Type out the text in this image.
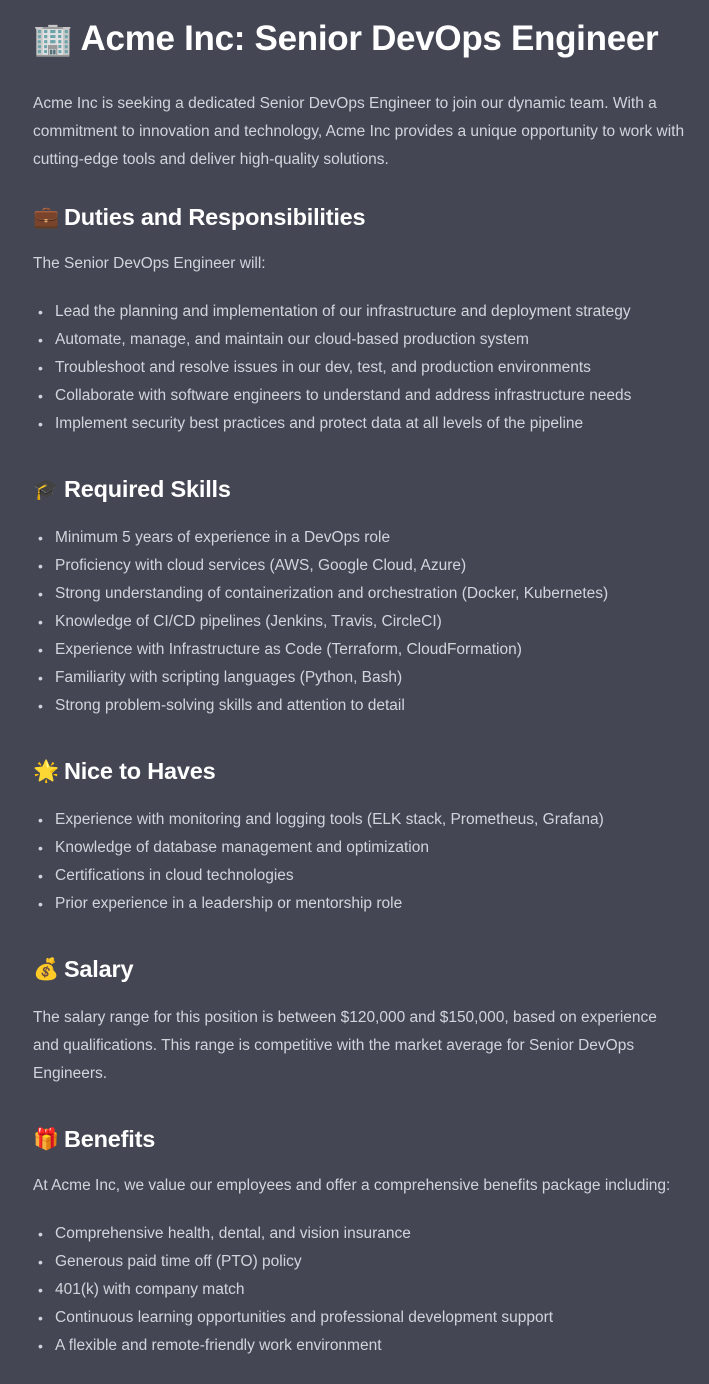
🏢 Acme Inc: Senior DevOps Engineer

Acme Inc is seeking a dedicated Senior DevOps Engineer to join our dynamic team. With a commitment to innovation and technology, Acme Inc provides a unique opportunity to work with cutting-edge tools and deliver high-quality solutions.

💼 Duties and Responsibilities

The Senior DevOps Engineer will:

• Lead the planning and implementation of our infrastructure and deployment strategy
• Automate, manage, and maintain our cloud-based production system
• Troubleshoot and resolve issues in our dev, test, and production environments
• Collaborate with software engineers to understand and address infrastructure needs
• Implement security best practices and protect data at all levels of the pipeline
🎓 Required Skills
• Minimum 5 years of experience in a DevOps role
• Proficiency with cloud services (AWS, Google Cloud, Azure)
• Strong understanding of containerization and orchestration (Docker, Kubernetes)
• Knowledge of CI/CD pipelines (Jenkins, Travis, CircleCI)
• Experience with Infrastructure as Code (Terraform, CloudFormation)
• Familiarity with scripting languages (Python, Bash)
• Strong problem-solving skills and attention to detail
🌟 Nice to Haves
• Experience with monitoring and logging tools (ELK stack, Prometheus, Grafana)
• Knowledge of database management and optimization
• Certifications in cloud technologies
• Prior experience in a leadership or mentorship role
💰 Salary

The salary range for this position is between $120,000 and $150,000, based on experience and qualifications. This range is competitive with the market average for Senior DevOps Engineers.

🎁 Benefits

At Acme Inc, we value our employees and offer a comprehensive benefits package including:

• Comprehensive health, dental, and vision insurance
• Generous paid time off (PTO) policy
• 401(k) with company match
• Continuous learning opportunities and professional development support
• A flexible and remote-friendly work environment
